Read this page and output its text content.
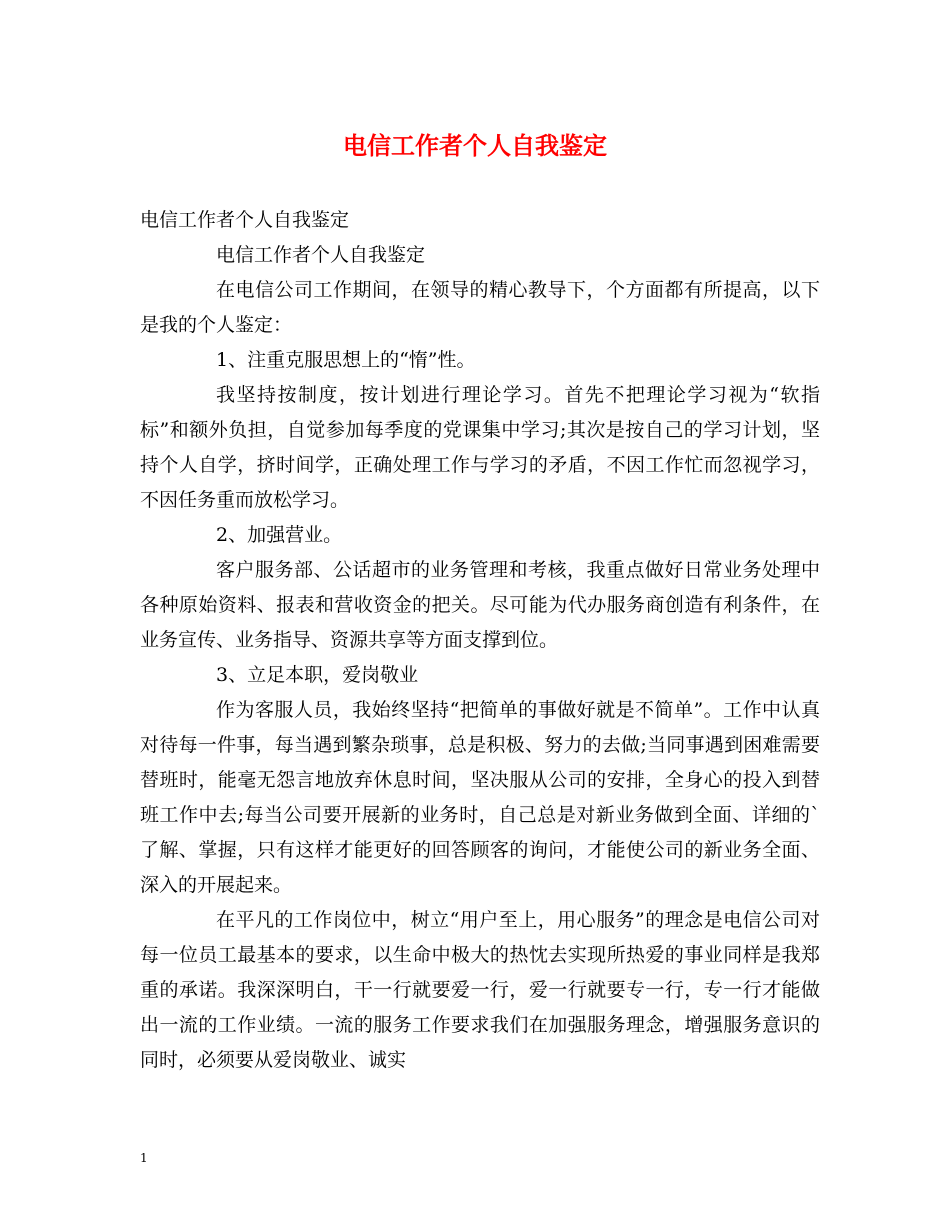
电信工作者个人自我鉴定

电信工作者个人自我鉴定

电信工作者个人自我鉴定

在电信公司工作期间，在领导的精心教导下，个方面都有所提高，以下是我的个人鉴定：

1、注重克服思想上的“惰”性。

我坚持按制度，按计划进行理论学习。首先不把理论学习视为“软指标”和额外负担，自觉参加每季度的党课集中学习;其次是按自己的学习计划，坚持个人自学，挤时间学，正确处理工作与学习的矛盾，不因工作忙而忽视学习，不因任务重而放松学习。

2、加强营业。

客户服务部、公话超市的业务管理和考核，我重点做好日常业务处理中各种原始资料、报表和营收资金的把关。尽可能为代办服务商创造有利条件，在业务宣传、业务指导、资源共享等方面支撑到位。

3、立足本职，爱岗敬业

作为客服人员，我始终坚持“把简单的事做好就是不简单”。工作中认真对待每一件事，每当遇到繁杂琐事，总是积极、努力的去做;当同事遇到困难需要替班时，能毫无怨言地放弃休息时间，坚决服从公司的安排，全身心的投入到替班工作中去;每当公司要开展新的业务时，自己总是对新业务做到全面、详细的`了解、掌握，只有这样才能更好的回答顾客的询问，才能使公司的新业务全面、深入的开展起来。

在平凡的工作岗位中，树立“用户至上，用心服务”的理念是电信公司对每一位员工最基本的要求，以生命中极大的热忱去实现所热爱的事业同样是我郑重的承诺。我深深明白，干一行就要爱一行，爱一行就要专一行，专一行才能做出一流的工作业绩。一流的服务工作要求我们在加强服务理念，增强服务意识的同时，必须要从爱岗敬业、诚实

1
